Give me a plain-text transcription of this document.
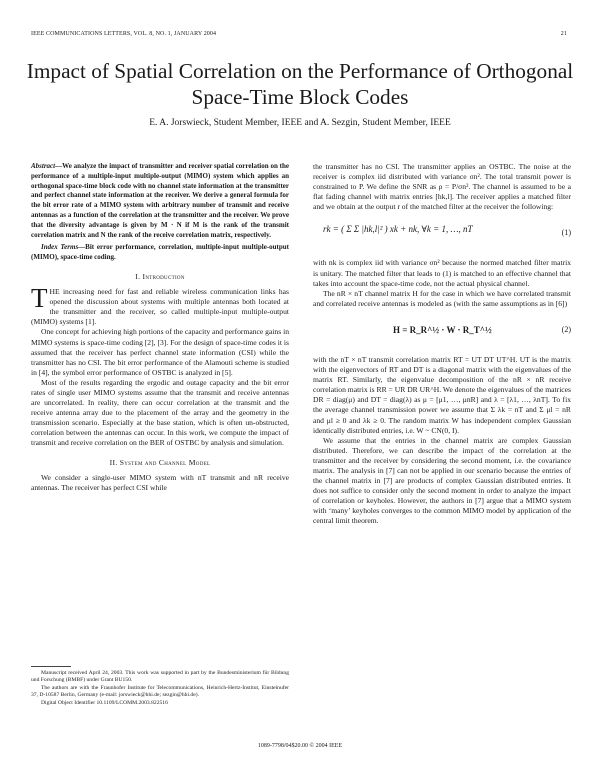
IEEE COMMUNICATIONS LETTERS, VOL. 8, NO. 1, JANUARY 2004	21
Impact of Spatial Correlation on the Performance of Orthogonal Space-Time Block Codes
E. A. Jorswieck, Student Member, IEEE and A. Sezgin, Student Member, IEEE
Abstract—We analyze the impact of transmitter and receiver spatial correlation on the performance of a multiple-input multiple-output (MIMO) system which applies an orthogonal space-time block code with no channel state information at the transmitter and perfect channel state information at the receiver. We derive a general formula for the bit error rate of a MIMO system with arbitrary number of transmit and receive antennas as a function of the correlation at the transmitter and the receiver. We prove that the diversity advantage is given by M · N if M is the rank of the transmit correlation matrix and N the rank of the receive correlation matrix, respectively.
Index Terms—Bit error performance, correlation, multiple-input multiple-output (MIMO), space-time coding.
I. Introduction

THE increasing need for fast and reliable wireless communication links has opened the discussion about systems with multiple antennas both located at the transmitter and the receiver, so called multiple-input multiple-output (MIMO) systems [1].

One concept for achieving high portions of the capacity and performance gains in MIMO systems is space-time coding [2], [3]. For the design of space-time codes it is assumed that the receiver has perfect channel state information (CSI) while the transmitter has no CSI. The bit error performance of the Alamouti scheme is studied in [4], the symbol error performance of OSTBC is analyzed in [5].

Most of the results regarding the ergodic and outage capacity and the bit error rates of single user MIMO systems assume that the transmit and receive antennas are uncorrelated. In reality, there can occur correlation at the transmit and the receive antenna array due to the placement of the array and the geometry in the transmission scenario. Especially at the base station, which is often un-obstructed, correlation between the antennas can occur. In this work, we compute the impact of transmit and receive correlation on the BER of OSTBC by analysis and simulation.

II. System and Channel Model

We consider a single-user MIMO system with nT transmit and nR receive antennas. The receiver has perfect CSI while

the transmitter has no CSI. The transmitter applies an OSTBC. The noise at the receiver is complex iid distributed with variance σn². The total transmit power is constrained to P. We define the SNR as ρ = P/σn². The channel is assumed to be a flat fading channel with matrix entries [hk,l]. The receiver applies a matched filter and we obtain at the output r of the matched filter at the receiver the following:

rk = ( Σ Σ |hk,l|² ) xk + nk, ∀k = 1, …, nT	(1)

with nk is complex iid with variance σn² because the normed matched filter matrix is unitary. The matched filter that leads to (1) is matched to an effective channel that takes into account the space-time code, not the actual physical channel.

The nR × nT channel matrix H for the case in which we have correlated transmit and correlated receive antennas is modeled as (with the same assumptions as in [6])

H = R_R^½ · W · R_T^½	(2)

with the nT × nT transmit correlation matrix RT = UT DT UT^H. UT is the matrix with the eigenvectors of RT and DT is a diagonal matrix with the eigenvalues of the matrix RT. Similarly, the eigenvalue decomposition of the nR × nR receive correlation matrix is RR = UR DR UR^H. We denote the eigenvalues of the matrices DR = diag(μ) and DT = diag(λ) as μ = [μ1, …, μnR] and λ = [λ1, …, λnT]. To fix the average channel transmission power we assume that Σ λk = nT and Σ μl = nR and μl ≥ 0 and λk ≥ 0. The random matrix W has independent complex Gaussian identically distributed entries, i.e. W ~ CN(0, I).

We assume that the entries in the channel matrix are complex Gaussian distributed. Therefore, we can describe the impact of the correlation at the transmitter and the receiver by considering the second moment, i.e. the covariance matrix. The analysis in [7] can not be applied in our scenario because the entries of the channel matrix in [7] are products of complex Gaussian distributed entries. It does not suffice to consider only the second moment in order to analyze the impact of correlation or keyholes. However, the authors in [7] argue that a MIMO system with ‘many’ keyholes converges to the common MIMO model by application of the central limit theorem.

Manuscript received April 24, 2003. This work was supported in part by the Bundesministerium für Bildung und Forschung (BMBF) under Grant BU150.

The authors are with the Fraunhofer Institute for Telecommunications, Heinrich-Hertz-Institut, Einsteinufer 37, D-10587 Berlin, Germany (e-mail: jorswieck@hhi.de; sezgin@hhi.de).

Digital Object Identifier 10.1109/LCOMM.2003.822516

1089-7798/04$20.00 © 2004 IEEE
